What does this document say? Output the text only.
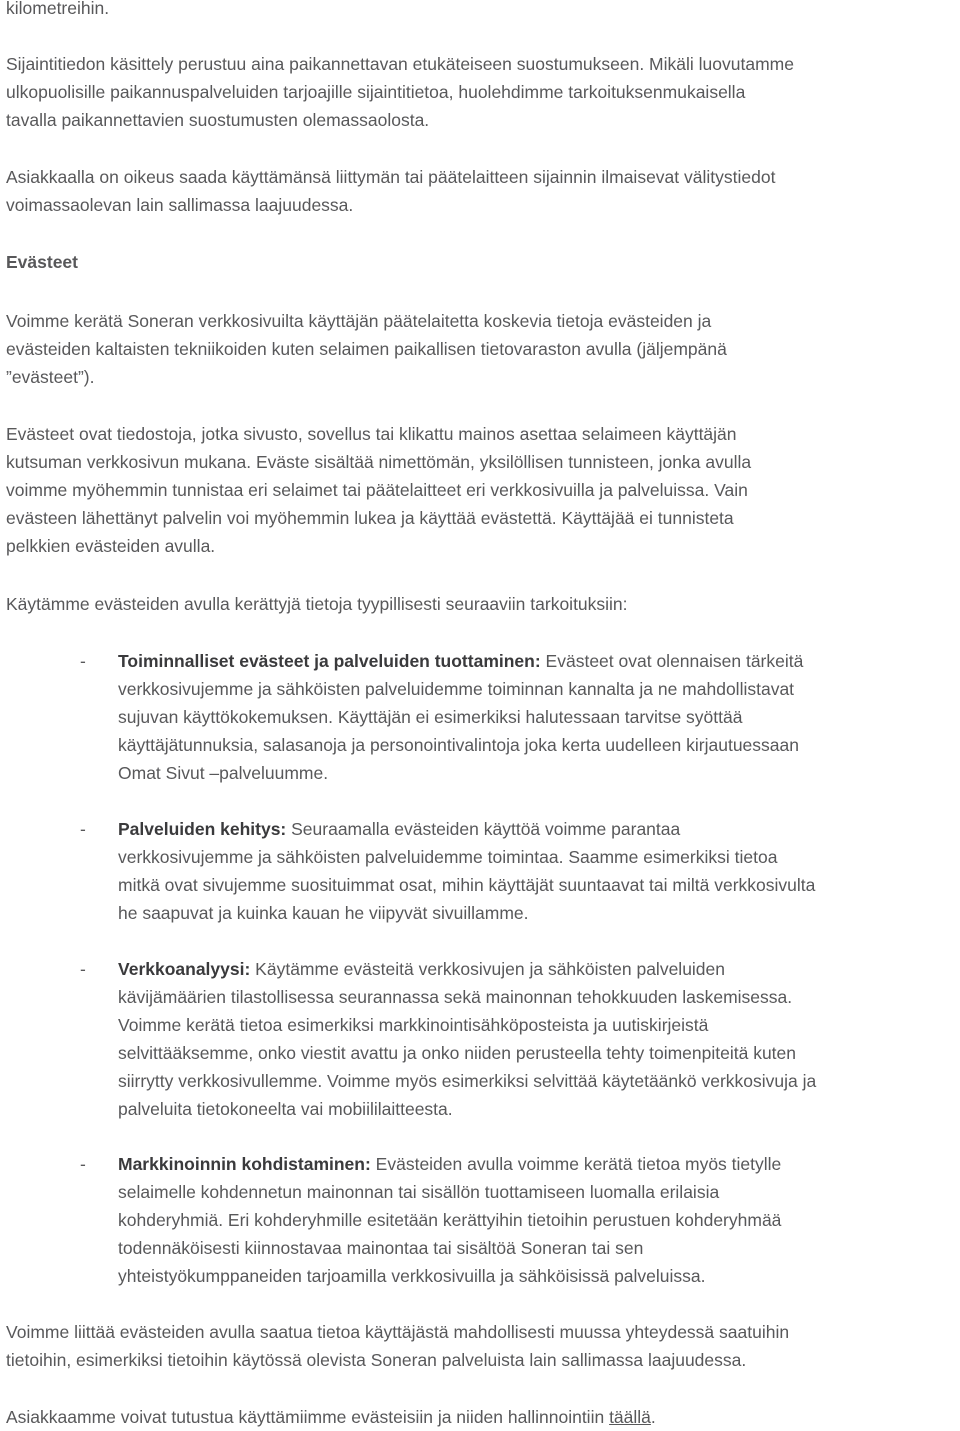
kilometreihin.
Sijaintitiedon käsittely perustuu aina paikannettavan etukäteiseen suostumukseen. Mikäli luovutamme
ulkopuolisille paikannuspalveluiden tarjoajille sijaintitietoa, huolehdimme tarkoituksenmukaisella
tavalla paikannettavien suostumusten olemassaolosta.
Asiakkaalla on oikeus saada käyttämänsä liittymän tai päätelaitteen sijainnin ilmaisevat välitystiedot
voimassaolevan lain sallimassa laajuudessa.
Evästeet
Voimme kerätä Soneran verkkosivuilta käyttäjän päätelaitetta koskevia tietoja evästeiden ja
evästeiden kaltaisten tekniikoiden kuten selaimen paikallisen tietovaraston avulla (jäljempänä
”evästeet”).
Evästeet ovat tiedostoja, jotka sivusto, sovellus tai klikattu mainos asettaa selaimeen käyttäjän
kutsuman verkkosivun mukana. Eväste sisältää nimettömän, yksilöllisen tunnisteen, jonka avulla
voimme myöhemmin tunnistaa eri selaimet tai päätelaitteet eri verkkosivuilla ja palveluissa. Vain
evästeen lähettänyt palvelin voi myöhemmin lukea ja käyttää evästettä. Käyttäjää ei tunnisteta
pelkkien evästeiden avulla.
Käytämme evästeiden avulla kerättyjä tietoja tyypillisesti seuraaviin tarkoituksiin:
- Toiminnalliset evästeet ja palveluiden tuottaminen: Evästeet ovat olennaisen tärkeitä
verkkosivujemme ja sähköisten palveluidemme toiminnan kannalta ja ne mahdollistavat
sujuvan käyttökokemuksen. Käyttäjän ei esimerkiksi halutessaan tarvitse syöttää
käyttäjätunnuksia, salasanoja ja personointivalintoja joka kerta uudelleen kirjautuessaan
Omat Sivut –palveluumme.
- Palveluiden kehitys: Seuraamalla evästeiden käyttöä voimme parantaa
verkkosivujemme ja sähköisten palveluidemme toimintaa. Saamme esimerkiksi tietoa
mitkä ovat sivujemme suosituimmat osat, mihin käyttäjät suuntaavat tai miltä verkkosivulta
he saapuvat ja kuinka kauan he viipyvät sivuillamme.
- Verkkoanalyysi: Käytämme evästeitä verkkosivujen ja sähköisten palveluiden
kävijämäärien tilastollisessa seurannassa sekä mainonnan tehokkuuden laskemisessa.
Voimme kerätä tietoa esimerkiksi markkinointisähköposteista ja uutiskirjeistä
selvittääksemme, onko viestit avattu ja onko niiden perusteella tehty toimenpiteitä kuten
siirrytty verkkosivullemme. Voimme myös esimerkiksi selvittää käytetäänkö verkkosivuja ja
palveluita tietokoneelta vai mobiililaitteesta.
- Markkinoinnin kohdistaminen: Evästeiden avulla voimme kerätä tietoa myös tietylle
selaimelle kohdennetun mainonnan tai sisällön tuottamiseen luomalla erilaisia
kohderyhmiä. Eri kohderyhmille esitetään kerättyihin tietoihin perustuen kohderyhmää
todennäköisesti kiinnostavaa mainontaa tai sisältöä Soneran tai sen
yhteistyökumppaneiden tarjoamilla verkkosivuilla ja sähköisissä palveluissa.
Voimme liittää evästeiden avulla saatua tietoa käyttäjästä mahdollisesti muussa yhteydessä saatuihin
tietoihin, esimerkiksi tietoihin käytössä olevista Soneran palveluista lain sallimassa laajuudessa.
Asiakkaamme voivat tutustua käyttämiimme evästeisiin ja niiden hallinnointiin täällä.
